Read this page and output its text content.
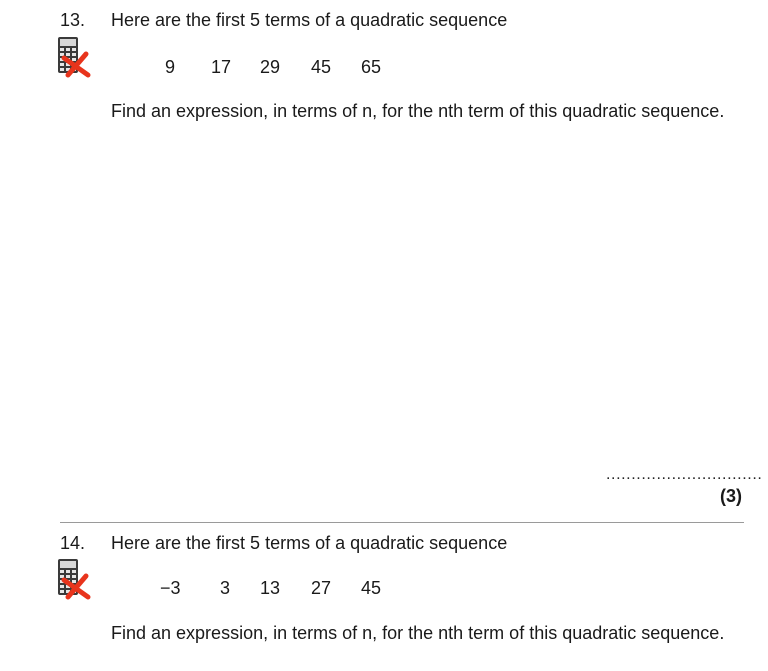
13. Here are the first 5 terms of a quadratic sequence
9 17 29 45 65
Find an expression, in terms of n, for the nth term of this quadratic sequence.
...............................
(3)
14. Here are the first 5 terms of a quadratic sequence
−3 3 13 27 45
Find an expression, in terms of n, for the nth term of this quadratic sequence.
